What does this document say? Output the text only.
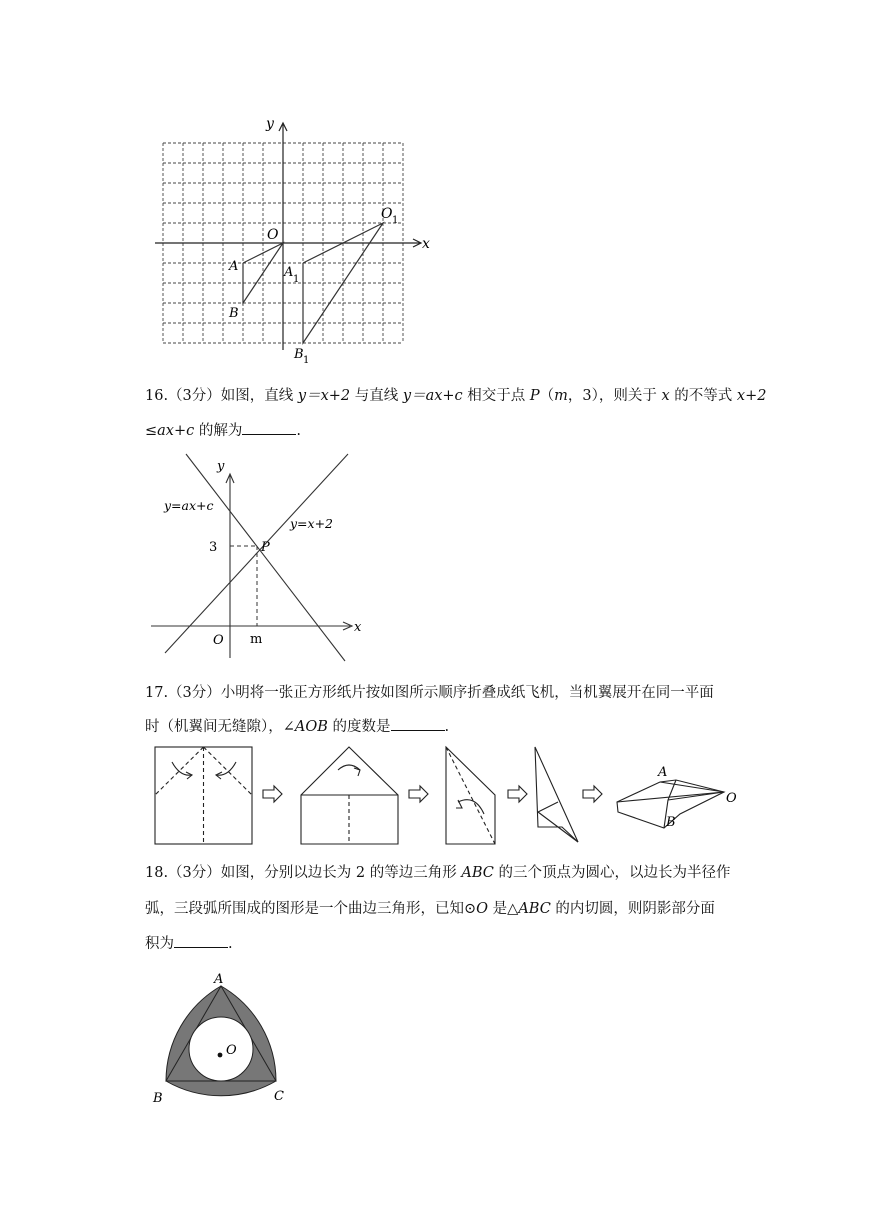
y
x
O
A
B
A 1
B 1
O 1
16.（3分）如图，直线 y＝x+2 与直线 y＝ax+c 相交于点 P（m，3），则关于 x 的不等式 x+2
≤ax+c 的解为	.
y
x
y=ax+c
y=x+2
3	P
O m
17.（3分）小明将一张正方形纸片按如图所示顺序折叠成纸飞机，当机翼展开在同一平面
时（机翼间无缝隙），∠AOB 的度数是	.
A
B
O
18.（3分）如图，分别以边长为 2 的等边三角形 ABC 的三个顶点为圆心，以边长为半径作
弧，三段弧所围成的图形是一个曲边三角形，已知⊙O 是△ABC 的内切圆，则阴影部分面
积为	.
A
B	C
O
